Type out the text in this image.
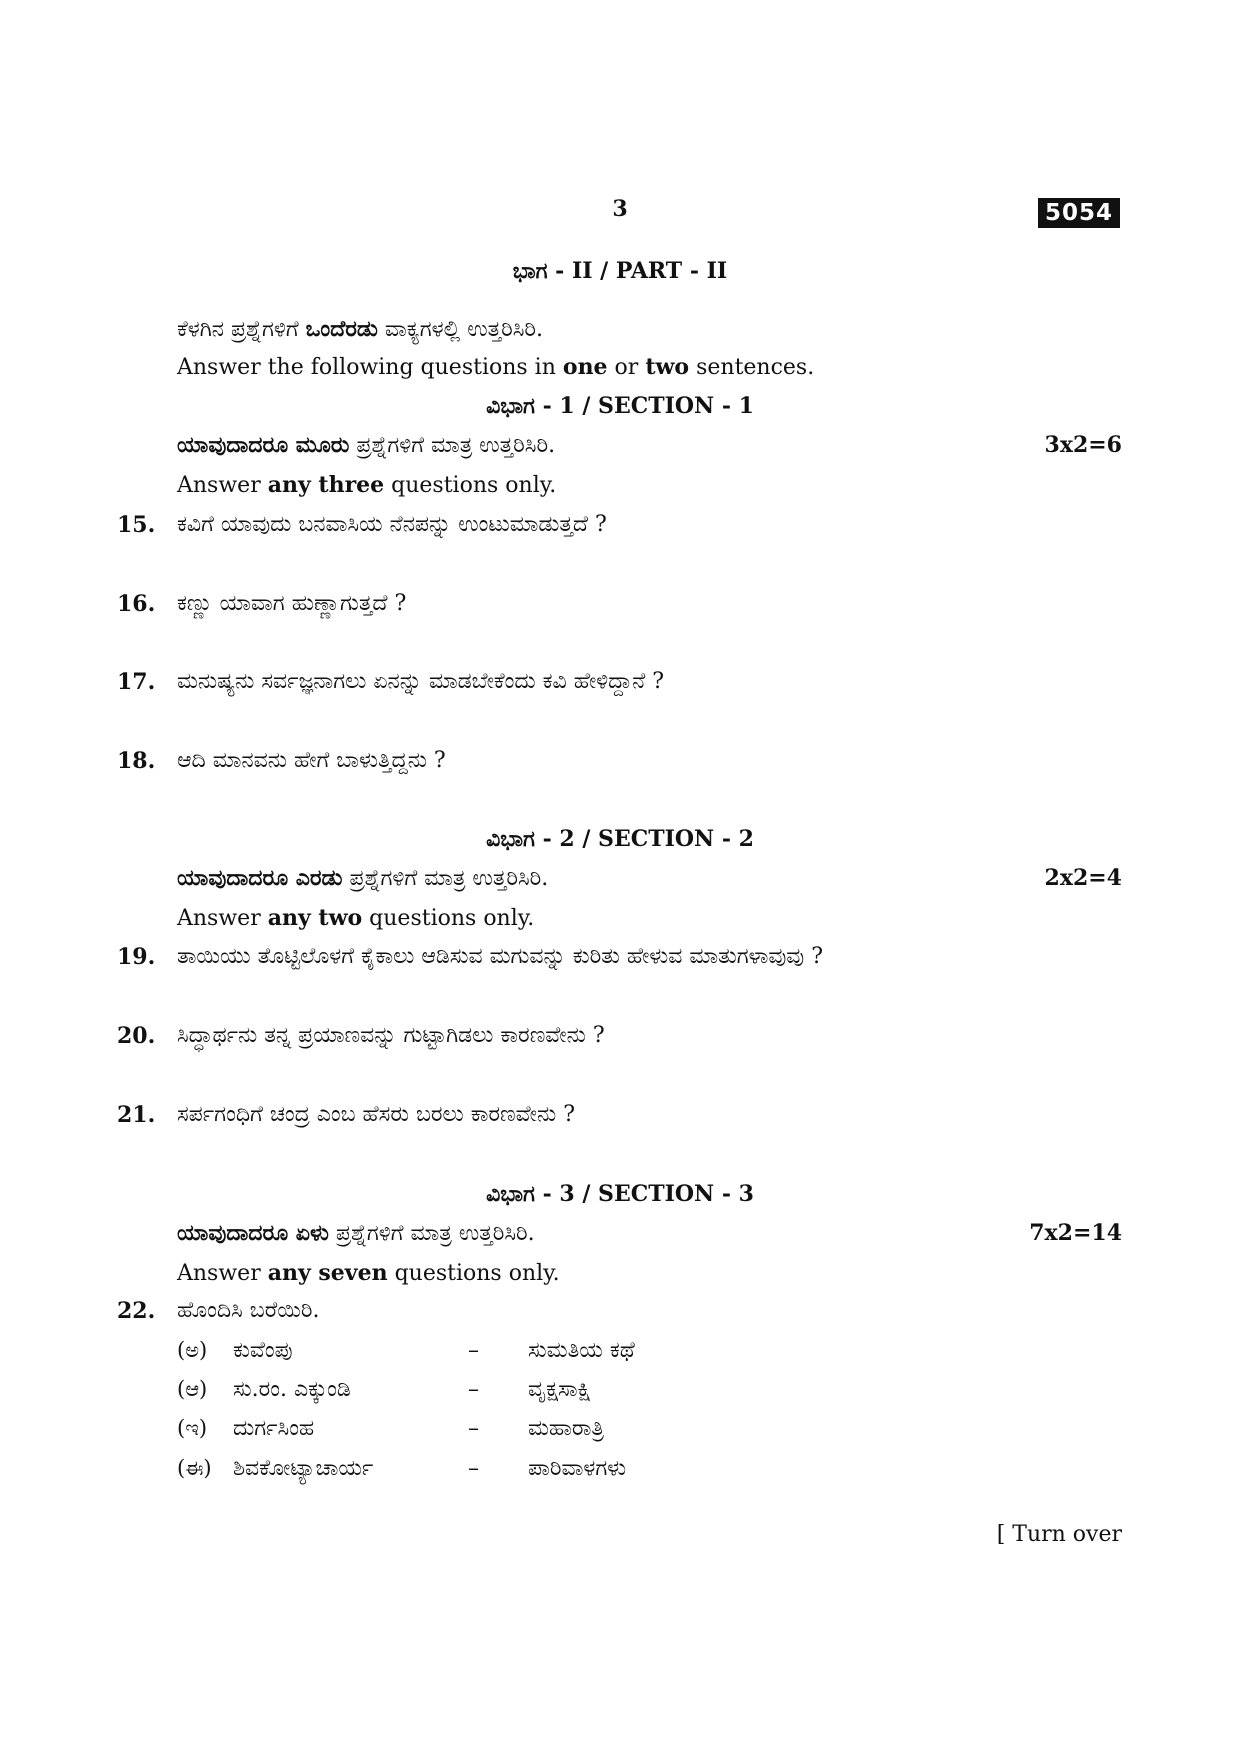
3	5054
ಭಾಗ - II / PART - II
ಕೆಳಗಿನ ಪ್ರಶ್ನೆಗಳಿಗೆ ಒಂದೆರಡು ವಾಕ್ಯಗಳಲ್ಲಿ ಉತ್ತರಿಸಿರಿ.
Answer the following questions in one or two sentences.
ವಿಭಾಗ - 1 / SECTION - 1
ಯಾವುದಾದರೂ ಮೂರು ಪ್ರಶ್ನೆಗಳಿಗೆ ಮಾತ್ರ ಉತ್ತರಿಸಿರಿ.	3x2=6
Answer any three questions only.
15. ಕವಿಗೆ ಯಾವುದು ಬನವಾಸಿಯ ನೆನಪನ್ನು ಉಂಟುಮಾಡುತ್ತದೆ ?
16. ಕಣ್ಣು ಯಾವಾಗ ಹುಣ್ಣಾಗುತ್ತದೆ ?
17. ಮನುಷ್ಯನು ಸರ್ವಜ್ಞನಾಗಲು ಏನನ್ನು ಮಾಡಬೇಕೆಂದು ಕವಿ ಹೇಳಿದ್ದಾನೆ ?
18. ಆದಿ ಮಾನವನು ಹೇಗೆ ಬಾಳುತ್ತಿದ್ದನು ?
ವಿಭಾಗ - 2 / SECTION - 2
ಯಾವುದಾದರೂ ಎರಡು ಪ್ರಶ್ನೆಗಳಿಗೆ ಮಾತ್ರ ಉತ್ತರಿಸಿರಿ.	2x2=4
Answer any two questions only.
19. ತಾಯಿಯು ತೊಟ್ಟಿಲೊಳಗೆ ಕೈಕಾಲು ಆಡಿಸುವ ಮಗುವನ್ನು ಕುರಿತು ಹೇಳುವ ಮಾತುಗಳಾವುವು ?
20. ಸಿದ್ಧಾರ್ಥನು ತನ್ನ ಪ್ರಯಾಣವನ್ನು ಗುಟ್ಟಾಗಿಡಲು ಕಾರಣವೇನು ?
21. ಸರ್ಪಗಂಧಿಗೆ ಚಂದ್ರ ಎಂಬ ಹೆಸರು ಬರಲು ಕಾರಣವೇನು ?
ವಿಭಾಗ - 3 / SECTION - 3
ಯಾವುದಾದರೂ ಏಳು ಪ್ರಶ್ನೆಗಳಿಗೆ ಮಾತ್ರ ಉತ್ತರಿಸಿರಿ.	7x2=14
Answer any seven questions only.
22. ಹೊಂದಿಸಿ ಬರೆಯಿರಿ.
(ಅ) ಕುವೆಂಪು	– ಸುಮತಿಯ ಕಥೆ
(ಆ) ಸು.ರಂ. ಎಕ್ಕುಂಡಿ	– ವೃಕ್ಷಸಾಕ್ಷಿ
(ಇ) ದುರ್ಗಸಿಂಹ	– ಮಹಾರಾತ್ರಿ
(ಈ) ಶಿವಕೋಟ್ಯಾಚಾರ್ಯ	– ಪಾರಿವಾಳಗಳು
[ Turn over
